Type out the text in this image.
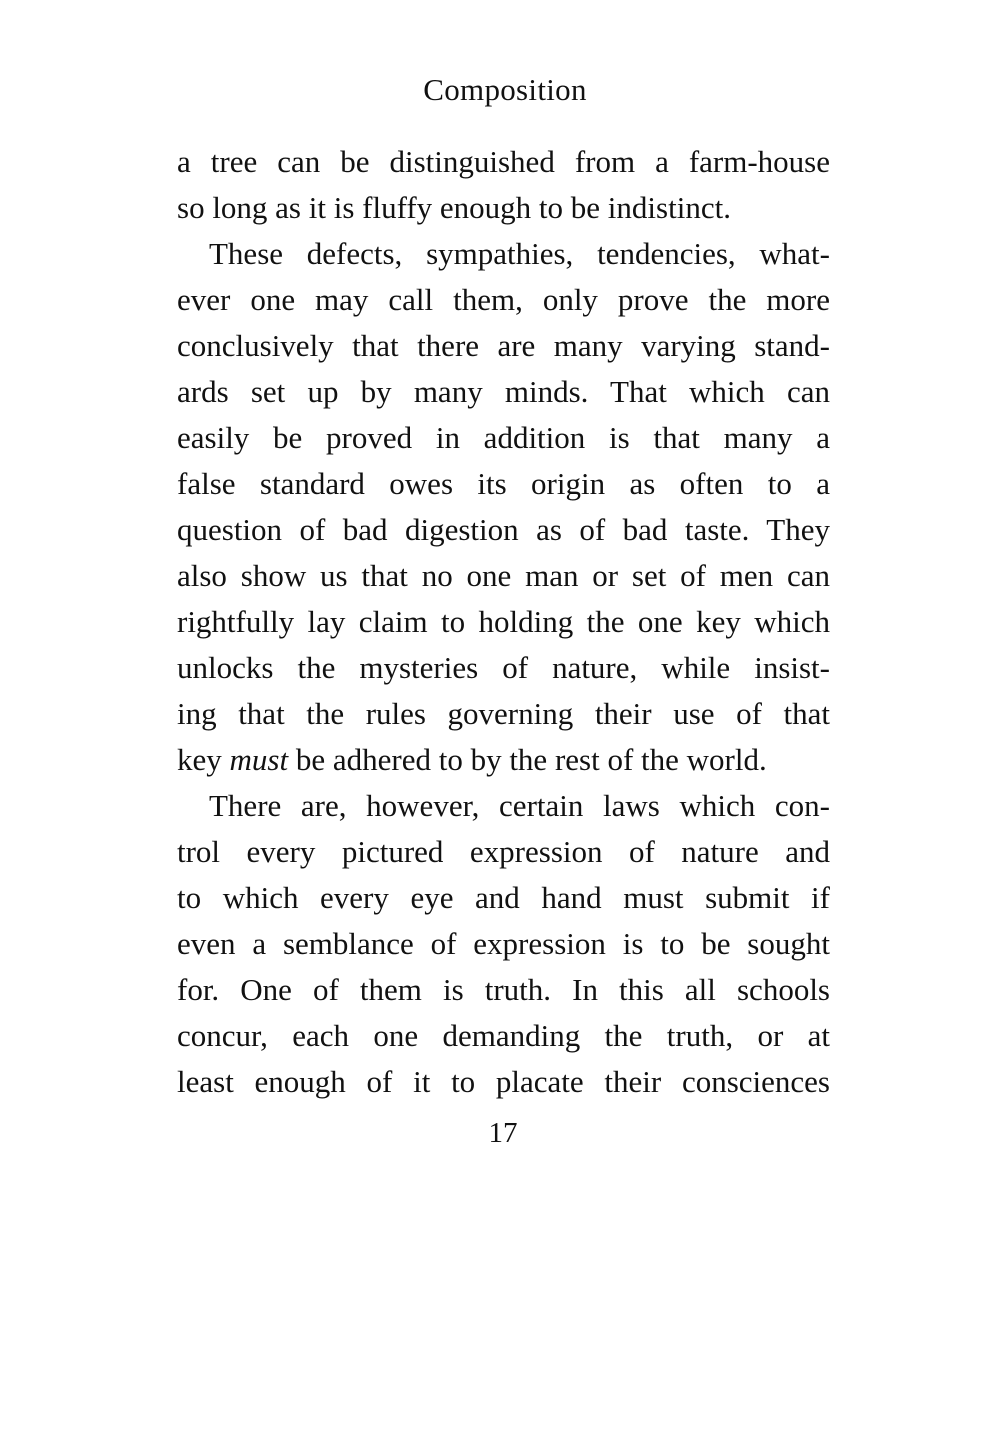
Composition
a tree can be distinguished from a farm-house
so long as it is fluffy enough to be indistinct.
These defects, sympathies, tendencies, what-
ever one may call them, only prove the more
conclusively that there are many varying stand-
ards set up by many minds. That which can
easily be proved in addition is that many a
false standard owes its origin as often to a
question of bad digestion as of bad taste. They
also show us that no one man or set of men can
rightfully lay claim to holding the one key which
unlocks the mysteries of nature, while insist-
ing that the rules governing their use of that
key must be adhered to by the rest of the world.
There are, however, certain laws which con-
trol every pictured expression of nature and
to which every eye and hand must submit if
even a semblance of expression is to be sought
for. One of them is truth. In this all schools
concur, each one demanding the truth, or at
least enough of it to placate their consciences
17
